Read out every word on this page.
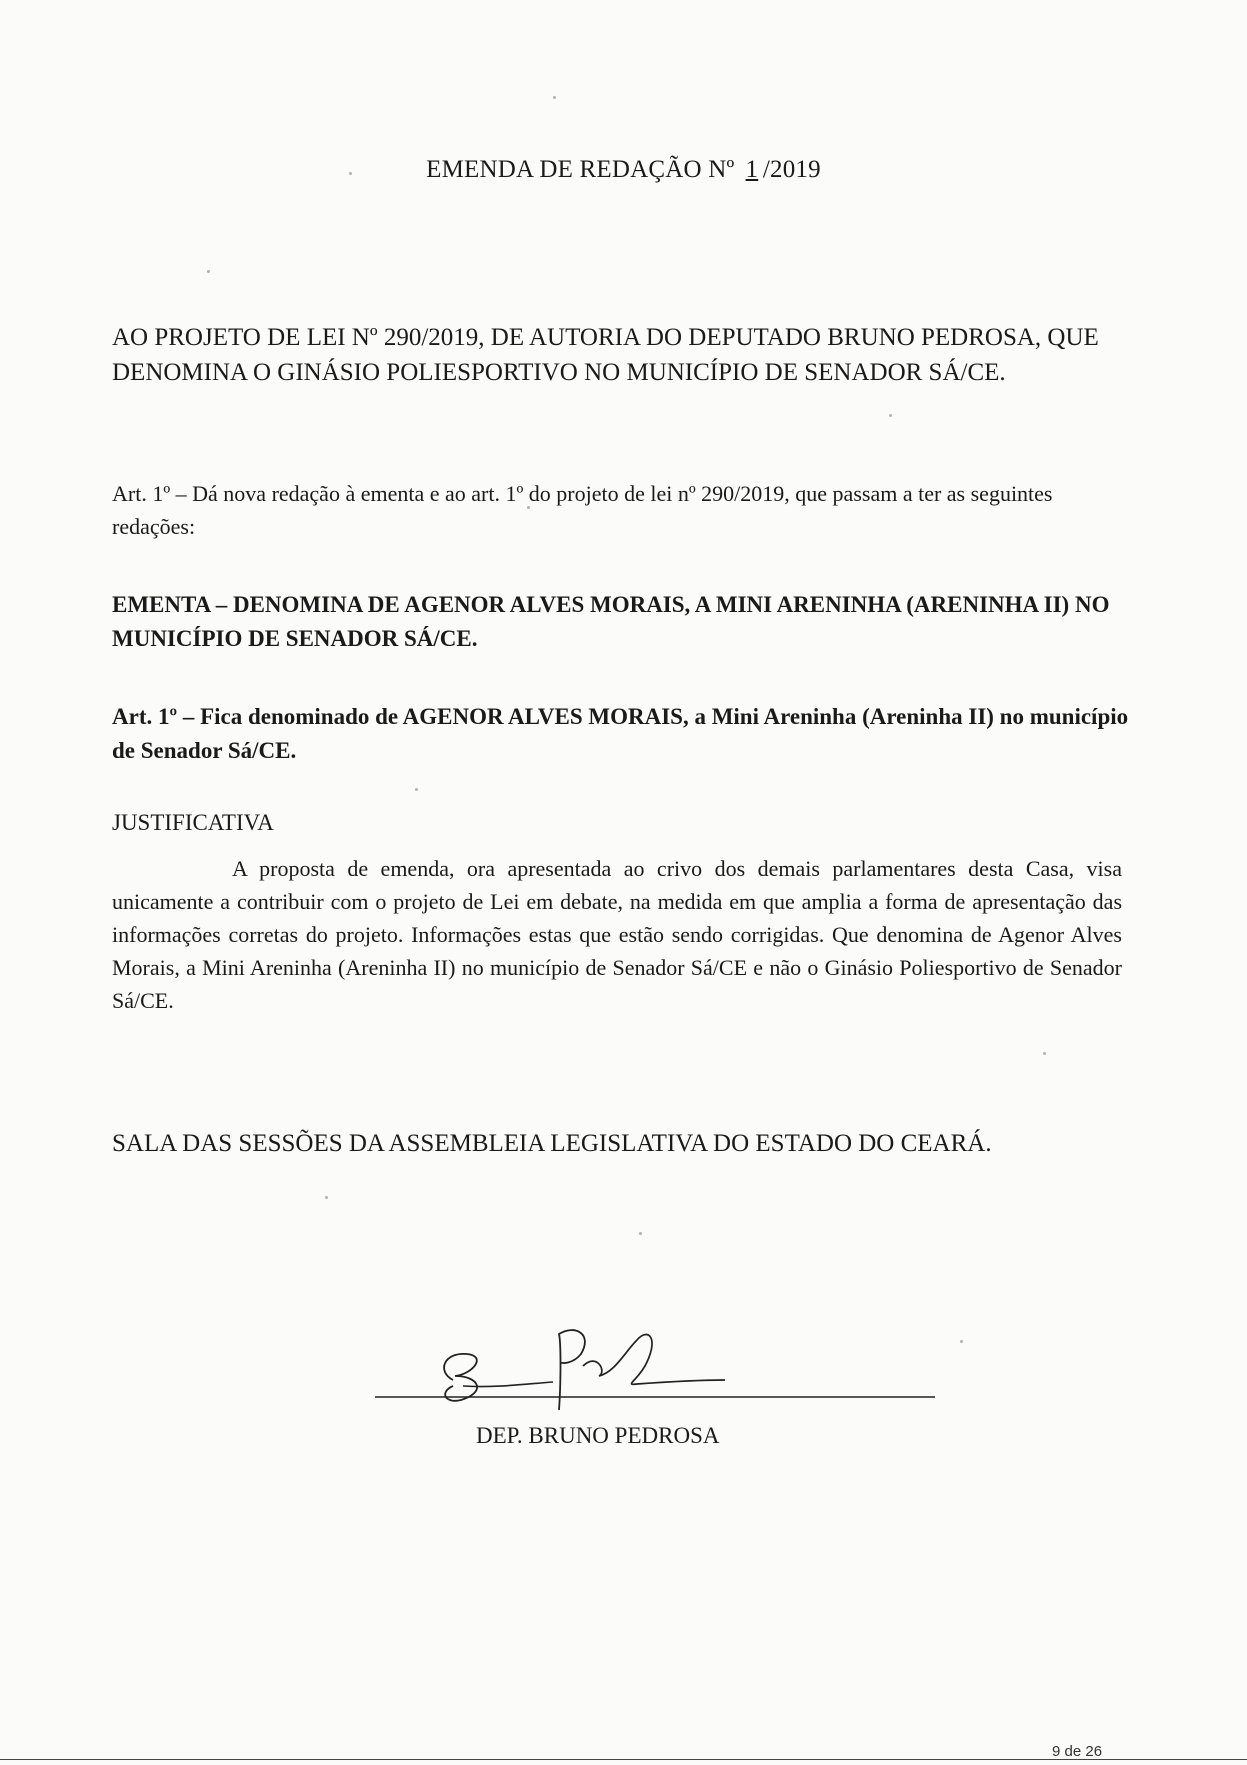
EMENDA DE REDAÇÃO Nº 1 /2019
AO PROJETO DE LEI Nº 290/2019, DE AUTORIA DO DEPUTADO BRUNO PEDROSA, QUE DENOMINA O GINÁSIO POLIESPORTIVO NO MUNICÍPIO DE SENADOR SÁ/CE.
Art. 1º – Dá nova redação à ementa e ao art. 1º do projeto de lei nº 290/2019, que passam a ter as seguintes redações:
EMENTA – DENOMINA DE AGENOR ALVES MORAIS, A MINI ARENINHA (ARENINHA II) NO MUNICÍPIO DE SENADOR SÁ/CE.
Art. 1º – Fica denominado de AGENOR ALVES MORAIS, a Mini Areninha (Areninha II) no município de Senador Sá/CE.
JUSTIFICATIVA
A proposta de emenda, ora apresentada ao crivo dos demais parlamentares desta Casa, visa unicamente a contribuir com o projeto de Lei em debate, na medida em que amplia a forma de apresentação das informações corretas do projeto. Informações estas que estão sendo corrigidas. Que denomina de Agenor Alves Morais, a Mini Areninha (Areninha II) no município de Senador Sá/CE e não o Ginásio Poliesportivo de Senador Sá/CE.
SALA DAS SESSÕES DA ASSEMBLEIA LEGISLATIVA DO ESTADO DO CEARÁ.
DEP. BRUNO PEDROSA
9 de 26
